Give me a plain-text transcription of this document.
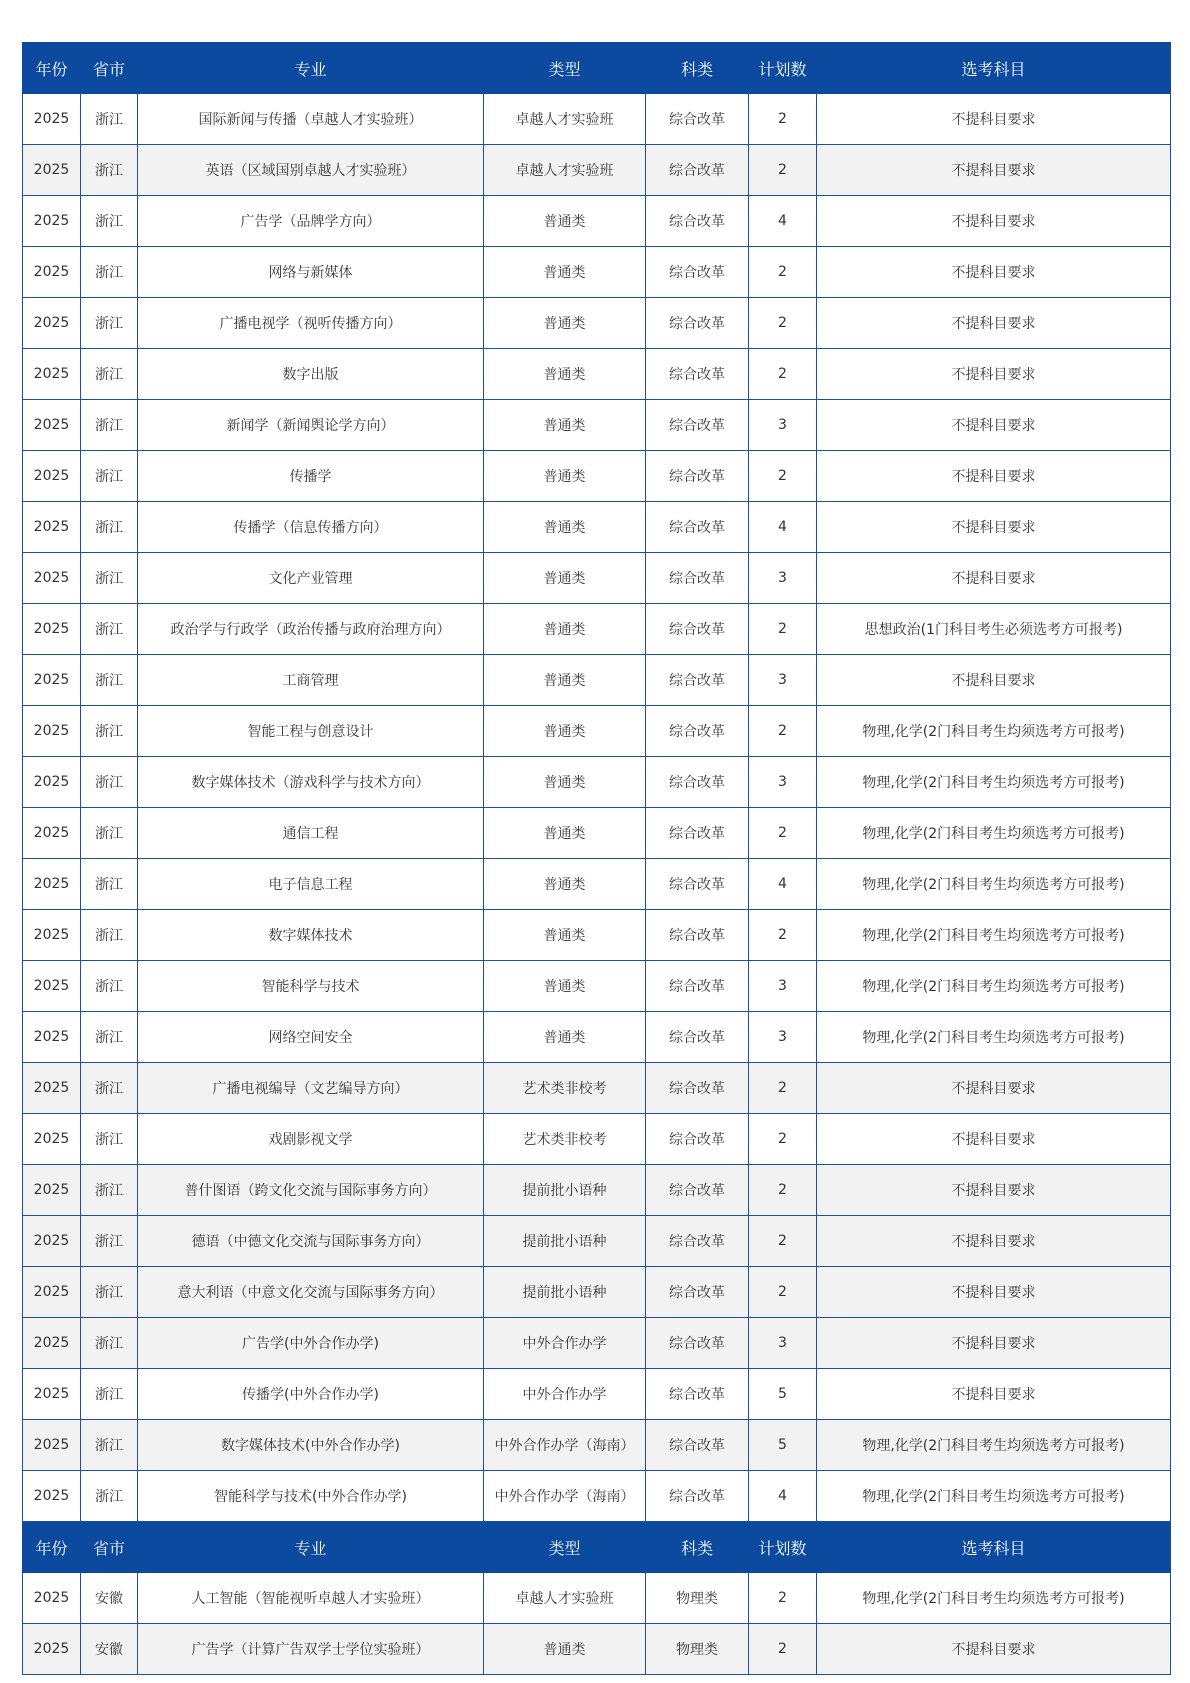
年份	省市	专业	类型	科类	计划数	选考科目
2025	浙江	国际新闻与传播（卓越人才实验班）	卓越人才实验班	综合改革	2	不提科目要求
2025	浙江	英语（区域国别卓越人才实验班）	卓越人才实验班	综合改革	2	不提科目要求
2025	浙江	广告学（品牌学方向）	普通类	综合改革	4	不提科目要求
2025	浙江	网络与新媒体	普通类	综合改革	2	不提科目要求
2025	浙江	广播电视学（视听传播方向）	普通类	综合改革	2	不提科目要求
2025	浙江	数字出版	普通类	综合改革	2	不提科目要求
2025	浙江	新闻学（新闻舆论学方向）	普通类	综合改革	3	不提科目要求
2025	浙江	传播学	普通类	综合改革	2	不提科目要求
2025	浙江	传播学（信息传播方向）	普通类	综合改革	4	不提科目要求
2025	浙江	文化产业管理	普通类	综合改革	3	不提科目要求
2025	浙江	政治学与行政学（政治传播与政府治理方向）	普通类	综合改革	2	思想政治(1门科目考生必须选考方可报考)
2025	浙江	工商管理	普通类	综合改革	3	不提科目要求
2025	浙江	智能工程与创意设计	普通类	综合改革	2	物理,化学(2门科目考生均须选考方可报考)
2025	浙江	数字媒体技术（游戏科学与技术方向）	普通类	综合改革	3	物理,化学(2门科目考生均须选考方可报考)
2025	浙江	通信工程	普通类	综合改革	2	物理,化学(2门科目考生均须选考方可报考)
2025	浙江	电子信息工程	普通类	综合改革	4	物理,化学(2门科目考生均须选考方可报考)
2025	浙江	数字媒体技术	普通类	综合改革	2	物理,化学(2门科目考生均须选考方可报考)
2025	浙江	智能科学与技术	普通类	综合改革	3	物理,化学(2门科目考生均须选考方可报考)
2025	浙江	网络空间安全	普通类	综合改革	3	物理,化学(2门科目考生均须选考方可报考)
2025	浙江	广播电视编导（文艺编导方向）	艺术类非校考	综合改革	2	不提科目要求
2025	浙江	戏剧影视文学	艺术类非校考	综合改革	2	不提科目要求
2025	浙江	普什图语（跨文化交流与国际事务方向）	提前批小语种	综合改革	2	不提科目要求
2025	浙江	德语（中德文化交流与国际事务方向）	提前批小语种	综合改革	2	不提科目要求
2025	浙江	意大利语（中意文化交流与国际事务方向）	提前批小语种	综合改革	2	不提科目要求
2025	浙江	广告学(中外合作办学)	中外合作办学	综合改革	3	不提科目要求
2025	浙江	传播学(中外合作办学)	中外合作办学	综合改革	5	不提科目要求
2025	浙江	数字媒体技术(中外合作办学)	中外合作办学（海南）	综合改革	5	物理,化学(2门科目考生均须选考方可报考)
2025	浙江	智能科学与技术(中外合作办学)	中外合作办学（海南）	综合改革	4	物理,化学(2门科目考生均须选考方可报考)
年份	省市	专业	类型	科类	计划数	选考科目
2025	安徽	人工智能（智能视听卓越人才实验班）	卓越人才实验班	物理类	2	物理,化学(2门科目考生均须选考方可报考)
2025	安徽	广告学（计算广告双学士学位实验班）	普通类	物理类	2	不提科目要求
